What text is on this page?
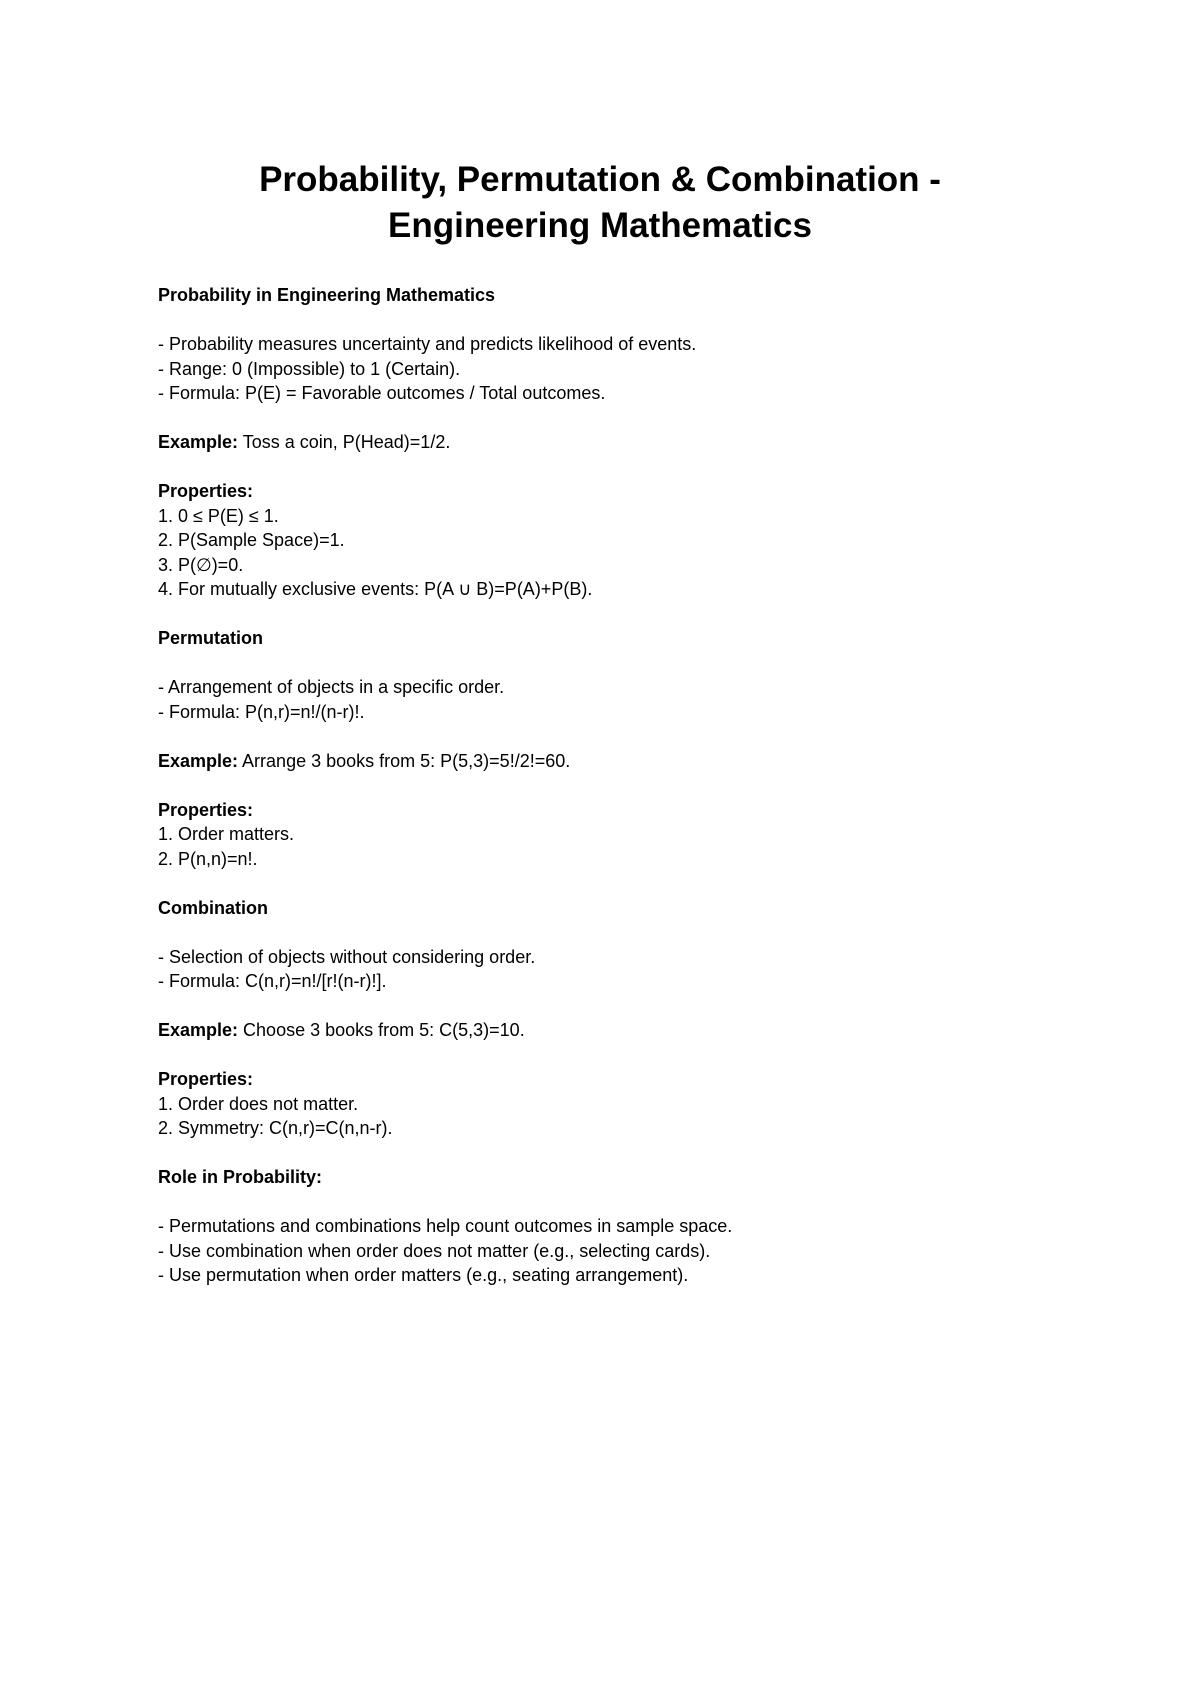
Probability, Permutation & Combination -
Engineering Mathematics
Probability in Engineering Mathematics
- Probability measures uncertainty and predicts likelihood of events.
- Range: 0 (Impossible) to 1 (Certain).
- Formula: P(E) = Favorable outcomes / Total outcomes.
Example: Toss a coin, P(Head)=1/2.
Properties:
1. 0 ≤ P(E) ≤ 1.
2. P(Sample Space)=1.
3. P(∅)=0.
4. For mutually exclusive events: P(A ∪ B)=P(A)+P(B).
Permutation
- Arrangement of objects in a specific order.
- Formula: P(n,r)=n!/(n-r)!.
Example: Arrange 3 books from 5: P(5,3)=5!/2!=60.
Properties:
1. Order matters.
2. P(n,n)=n!.
Combination
- Selection of objects without considering order.
- Formula: C(n,r)=n!/[r!(n-r)!].
Example: Choose 3 books from 5: C(5,3)=10.
Properties:
1. Order does not matter.
2. Symmetry: C(n,r)=C(n,n-r).
Role in Probability:
- Permutations and combinations help count outcomes in sample space.
- Use combination when order does not matter (e.g., selecting cards).
- Use permutation when order matters (e.g., seating arrangement).
